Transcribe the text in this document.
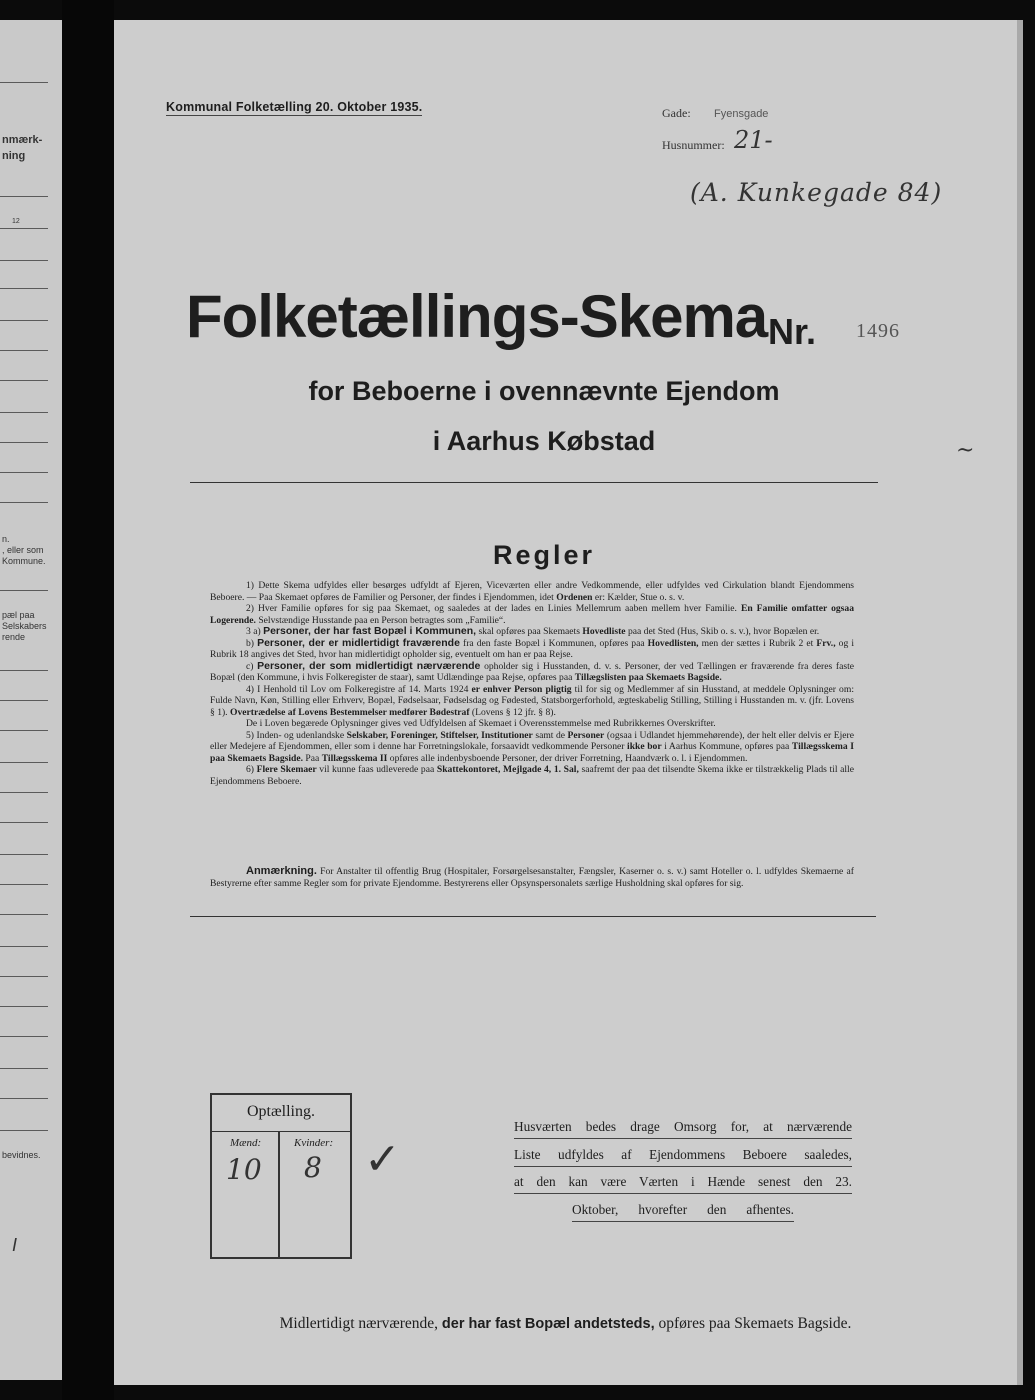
nmærk-
ning
12
n.
, eller som
Kommune.
pæl paa
Selskabers
rende
bevidnes.
I
Kommunal Folketælling 20. Oktober 1935.	Gade: Fyensgade
Husnummer: 21-
(A. Kunkegade 84)
Folketællings-Skema Nr. 1496
for Beboerne i ovennævnte Ejendom
i Aarhus Købstad
Regler

1) Dette Skema udfyldes eller besørges udfyldt af Ejeren, Viceværten eller andre Vedkommende, eller udfyldes ved Cirkulation blandt Ejendommens Beboere. — Paa Skemaet opføres de Familier og Personer, der findes i Ejendommen, idet Ordenen er: Kælder, Stue o. s. v.

2) Hver Familie opføres for sig paa Skemaet, og saaledes at der lades en Linies Mellemrum aaben mellem hver Familie. En Familie omfatter ogsaa Logerende. Selvstændige Husstande paa en Person betragtes som „Familie“.

3 a) Personer, der har fast Bopæl i Kommunen, skal opføres paa Skemaets Hovedliste paa det Sted (Hus, Skib o. s. v.), hvor Bopælen er.

b) Personer, der er midlertidigt fraværende fra den faste Bopæl i Kommunen, opføres paa Hovedlisten, men der sættes i Rubrik 2 et Frv., og i Rubrik 18 angives det Sted, hvor han midlertidigt opholder sig, eventuelt om han er paa Rejse.

c) Personer, der som midlertidigt nærværende opholder sig i Husstanden, d. v. s. Personer, der ved Tællingen er fraværende fra deres faste Bopæl (den Kommune, i hvis Folkeregister de staar), samt Udlændinge paa Rejse, opføres paa Tillægslisten paa Skemaets Bagside.

4) I Henhold til Lov om Folkeregistre af 14. Marts 1924 er enhver Person pligtig til for sig og Medlemmer af sin Husstand, at meddele Oplysninger om: Fulde Navn, Køn, Stilling eller Erhverv, Bopæl, Fødselsaar, Fødselsdag og Fødested, Statsborgerforhold, ægteskabelig Stilling, Stilling i Husstanden m. v. (jfr. Lovens § 1). Overtrædelse af Lovens Bestemmelser medfører Bødestraf (Lovens § 12 jfr. § 8).

De i Loven begærede Oplysninger gives ved Udfyldelsen af Skemaet i Overensstemmelse med Rubrikkernes Overskrifter.

5) Inden- og udenlandske Selskaber, Foreninger, Stiftelser, Institutioner samt de Personer (ogsaa i Udlandet hjemmehørende), der helt eller delvis er Ejere eller Medejere af Ejendommen, eller som i denne har Forretningslokale, forsaavidt vedkommende Personer ikke bor i Aarhus Kommune, opføres paa Tillægsskema I paa Skemaets Bagside. Paa Tillægsskema II opføres alle indenbysboende Personer, der driver Forretning, Haandværk o. l. i Ejendommen.

6) Flere Skemaer vil kunne faas udleverede paa Skattekontoret, Mejlgade 4, 1. Sal, saafremt der paa det tilsendte Skema ikke er tilstrækkelig Plads til alle Ejendommens Beboere.

Anmærkning. For Anstalter til offentlig Brug (Hospitaler, Forsørgelsesanstalter, Fængsler, Kaserner o. s. v.) samt Hoteller o. l. udfyldes Skemaerne af Bestyrerne efter samme Regler som for private Ejendomme. Bestyrerens eller Opsynspersonalets særlige Husholdning skal opføres for sig.

Optælling.
Mænd:	Kvinder:
10 8 ✓
Husværten bedes drage Omsorg for, at nærværende
Liste udfyldes af Ejendommens Beboere saaledes,
at den kan være Værten i Hænde senest den 23.
Oktober, hvorefter den afhentes.
Midlertidigt nærværende, der har fast Bopæl andetsteds, opføres paa Skemaets Bagside.
~
